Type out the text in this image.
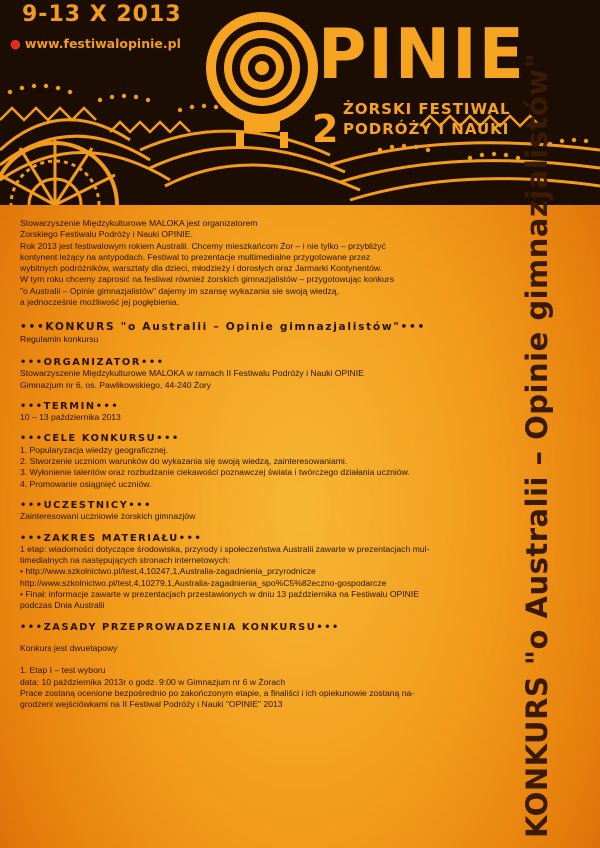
9-13 X 2013
● www.festiwalopinie.pl PINIE
2 ŻORSKI FESTIWAL
PODRÓŻY I NAUKI

Stowarzyszenie Międzykulturowe MALOKA jest organizatorem

Żorskiego Festiwalu Podróży i Nauki OPINIE.

Rok 2013 jest festiwalowym rokiem Australii. Chcemy mieszkańcom Żor – i nie tylko – przybliżyć

kontynent leżący na antypodach. Festiwal to prezentacje multimedialne przygotowane przez

wybitnych podróżników, warsztaty dla dzieci, młodzieży i dorosłych oraz Jarmarki Kontynentów.

W tym roku chcemy zaprosić na festiwal również żorskich gimnazjalistów – przygotowując konkurs

"o Australii – Opinie gimnazjalistów" dajemy im szansę wykazania sie swoją wiedzą,

a jednocześnie możliwość jej pogłębienia.

•••KONKURS "o Australii – Opinie gimnazjalistów"•••

Regulamin konkursu

•••ORGANIZATOR•••

Stowarzyszenie Międzykulturowe MALOKA w ramach II Festiwalu Podróży i Nauki OPINIE

Gimnazjum nr 6, os. Pawlikowskiego, 44-240 Żory

•••TERMIN•••

10 – 13 października 2013

•••CELE KONKURSU•••

1. Popularyzacja wiedzy geograficznej.

2. Stworzenie uczniom warunków do wykazania się swoją wiedzą, zainteresowaniami.

3. Wyłonienie talentów oraz rozbudzanie ciekawości poznawczej świata i twórczego działania uczniów.

4. Promowanie osiągnięć uczniów.

•••UCZESTNICY•••

Zainteresowani uczniowie żorskich gimnazjów

•••ZAKRES MATERIAŁU•••

1 etap: wiadomości dotyczące środowiska, przyrody i społeczeństwa Australii zawarte w prezentacjach mul-

timedialnych na następujących stronach internetowych:

• http://www.szkolnictwo.pl/test,4,10247,1,Australia-zagadnienia_przyrodnicze

http://www.szkolnictwo.pl/test,4,10279,1,Australia-zagadnienia_spo%C5%82eczno-gospodarcze

• Finał: informacje zawarte w prezentacjach przestawionych w dniu 13 października na Festiwalu OPINIE

podczas Dnia Australii

•••ZASADY PRZEPROWADZENIA KONKURSU•••

Konkurs jest dwuetapowy

1. Etap I – test wyboru

data: 10 października 2013r o godz. 9:00 w Gimnazjum nr 6 w Żorach

Prace zostaną ocenione bezpośrednio po zakończonym etapie, a finaliści i ich opiekunowie zostaną na-

grodzeni wejściówkami na II Festiwal Podróży i Nauki "OPINIE" 2013	KONKURS "o Australii – Opinie gimnazjalistów"
